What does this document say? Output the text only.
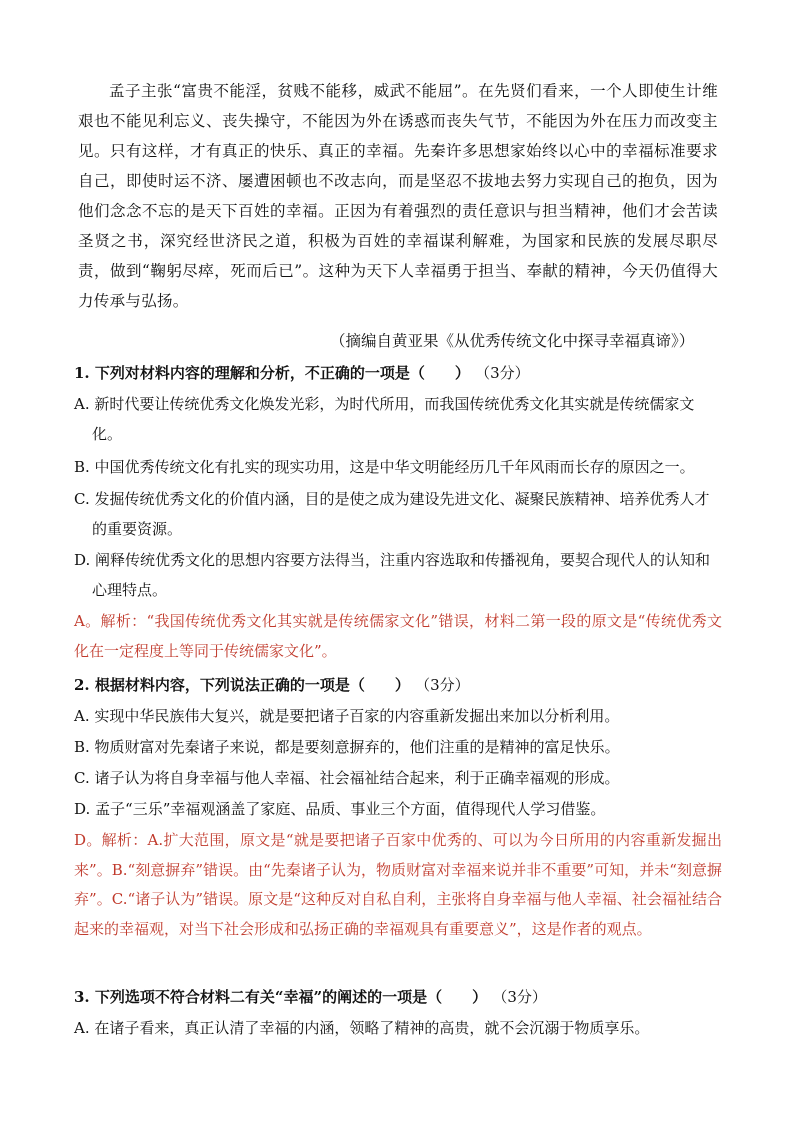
孟子主张“富贵不能淫，贫贱不能移，威武不能屈”。在先贤们看来，一个人即使生计维艰也不能见利忘义、丧失操守，不能因为外在诱惑而丧失气节，不能因为外在压力而改变主见。只有这样，才有真正的快乐、真正的幸福。先秦许多思想家始终以心中的幸福标准要求自己，即使时运不济、屡遭困顿也不改志向，而是坚忍不拔地去努力实现自己的抱负，因为他们念念不忘的是天下百姓的幸福。正因为有着强烈的责任意识与担当精神，他们才会苦读圣贤之书，深究经世济民之道，积极为百姓的幸福谋利解难，为国家和民族的发展尽职尽责，做到“鞠躬尽瘁，死而后已”。这种为天下人幸福勇于担当、奉献的精神，今天仍值得大力传承与弘扬。
（摘编自黄亚果《从优秀传统文化中探寻幸福真谛》）
1. 下列对材料内容的理解和分析，不正确的一项是（　　） （3分）
A. 新时代要让传统优秀文化焕发光彩，为时代所用，而我国传统优秀文化其实就是传统儒家文化。
B. 中国优秀传统文化有扎实的现实功用，这是中华文明能经历几千年风雨而长存的原因之一。
C. 发掘传统优秀文化的价值内涵，目的是使之成为建设先进文化、凝聚民族精神、培养优秀人才的重要资源。
D. 阐释传统优秀文化的思想内容要方法得当，注重内容选取和传播视角，要契合现代人的认知和心理特点。
A。解析：“我国传统优秀文化其实就是传统儒家文化”错误，材料二第一段的原文是“传统优秀文化在一定程度上等同于传统儒家文化”。
2. 根据材料内容，下列说法正确的一项是（　　） （3分）
A. 实现中华民族伟大复兴，就是要把诸子百家的内容重新发掘出来加以分析利用。
B. 物质财富对先秦诸子来说，都是要刻意摒弃的，他们注重的是精神的富足快乐。
C. 诸子认为将自身幸福与他人幸福、社会福祉结合起来，利于正确幸福观的形成。
D. 孟子“三乐”幸福观涵盖了家庭、品质、事业三个方面，值得现代人学习借鉴。
D。解析：A.扩大范围，原文是“就是要把诸子百家中优秀的、可以为今日所用的内容重新发掘出来”。B.“刻意摒弃”错误。由“先秦诸子认为，物质财富对幸福来说并非不重要”可知，并未“刻意摒弃”。C.“诸子认为”错误。原文是“这种反对自私自利，主张将自身幸福与他人幸福、社会福祉结合起来的幸福观，对当下社会形成和弘扬正确的幸福观具有重要意义”，这是作者的观点。
3. 下列选项不符合材料二有关“幸福”的阐述的一项是（　　） （3分）
A. 在诸子看来，真正认清了幸福的内涵，领略了精神的高贵，就不会沉溺于物质享乐。
